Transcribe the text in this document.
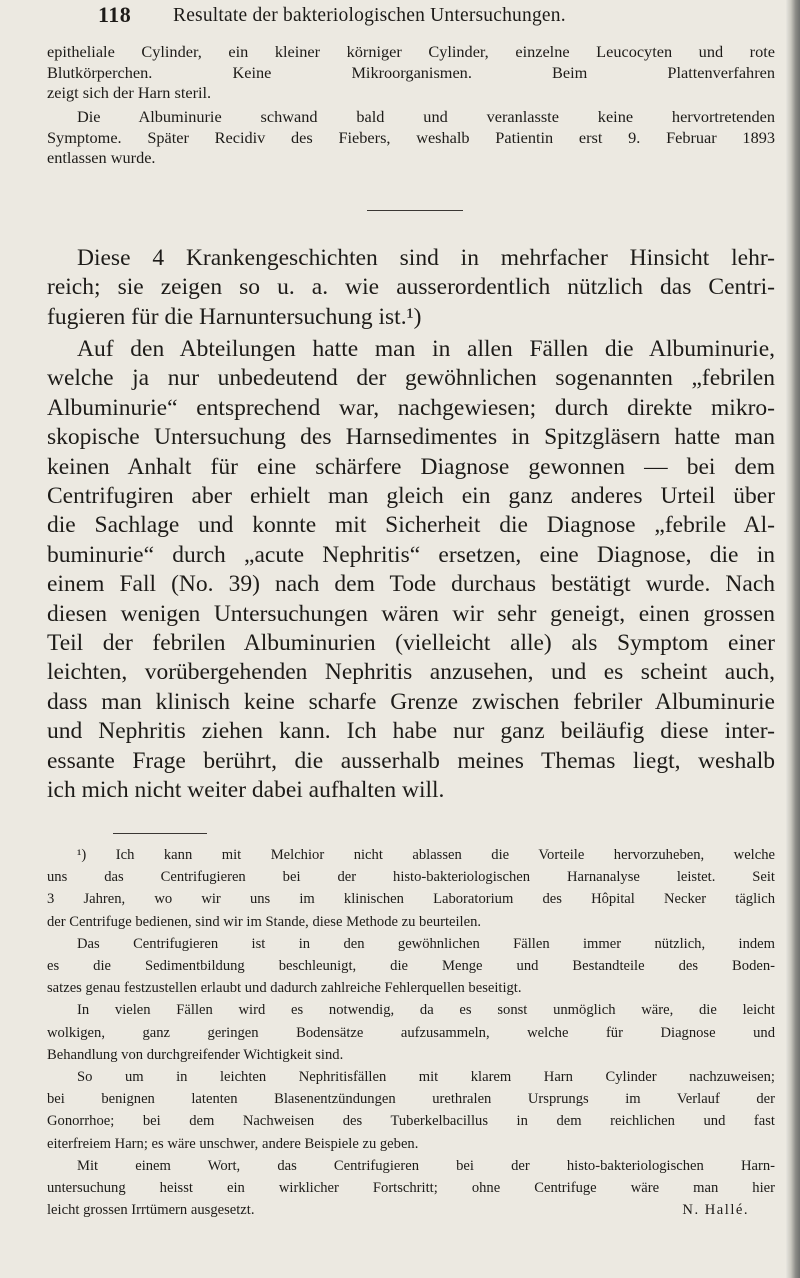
118 Resultate der bakteriologischen Untersuchungen.
epitheliale Cylinder, ein kleiner körniger Cylinder, einzelne Leucocyten und rote
Blutkörperchen. Keine Mikroorganismen. Beim Plattenverfahren
zeigt sich der Harn steril.
Die Albuminurie schwand bald und veranlasste keine hervortretenden
Symptome. Später Recidiv des Fiebers, weshalb Patientin erst 9. Februar 1893
entlassen wurde.
Diese 4 Krankengeschichten sind in mehrfacher Hinsicht lehr-
reich; sie zeigen so u. a. wie ausserordentlich nützlich das Centri-
fugieren für die Harnuntersuchung ist.¹)
Auf den Abteilungen hatte man in allen Fällen die Albuminurie,
welche ja nur unbedeutend der gewöhnlichen sogenannten „febrilen
Albuminurie“ entsprechend war, nachgewiesen; durch direkte mikro-
skopische Untersuchung des Harnsedimentes in Spitzgläsern hatte man
keinen Anhalt für eine schärfere Diagnose gewonnen — bei dem
Centrifugiren aber erhielt man gleich ein ganz anderes Urteil über
die Sachlage und konnte mit Sicherheit die Diagnose „febrile Al-
buminurie“ durch „acute Nephritis“ ersetzen, eine Diagnose, die in
einem Fall (No. 39) nach dem Tode durchaus bestätigt wurde. Nach
diesen wenigen Untersuchungen wären wir sehr geneigt, einen grossen
Teil der febrilen Albuminurien (vielleicht alle) als Symptom einer
leichten, vorübergehenden Nephritis anzusehen, und es scheint auch,
dass man klinisch keine scharfe Grenze zwischen febriler Albuminurie
und Nephritis ziehen kann. Ich habe nur ganz beiläufig diese inter-
essante Frage berührt, die ausserhalb meines Themas liegt, weshalb
ich mich nicht weiter dabei aufhalten will.
¹) Ich kann mit Melchior nicht ablassen die Vorteile hervorzuheben, welche
uns das Centrifugieren bei der histo-bakteriologischen Harnanalyse leistet. Seit
3 Jahren, wo wir uns im klinischen Laboratorium des Hôpital Necker täglich
der Centrifuge bedienen, sind wir im Stande, diese Methode zu beurteilen.
Das Centrifugieren ist in den gewöhnlichen Fällen immer nützlich, indem
es die Sedimentbildung beschleunigt, die Menge und Bestandteile des Boden-
satzes genau festzustellen erlaubt und dadurch zahlreiche Fehlerquellen beseitigt.
In vielen Fällen wird es notwendig, da es sonst unmöglich wäre, die leicht
wolkigen, ganz geringen Bodensätze aufzusammeln, welche für Diagnose und
Behandlung von durchgreifender Wichtigkeit sind.
So um in leichten Nephritisfällen mit klarem Harn Cylinder nachzuweisen;
bei benignen latenten Blasenentzündungen urethralen Ursprungs im Verlauf der
Gonorrhoe; bei dem Nachweisen des Tuberkelbacillus in dem reichlichen und fast
eiterfreiem Harn; es wäre unschwer, andere Beispiele zu geben.
Mit einem Wort, das Centrifugieren bei der histo-bakteriologischen Harn-
untersuchung heisst ein wirklicher Fortschritt; ohne Centrifuge wäre man hier
leicht grossen Irrtümern ausgesetzt.	N. Hallé.
